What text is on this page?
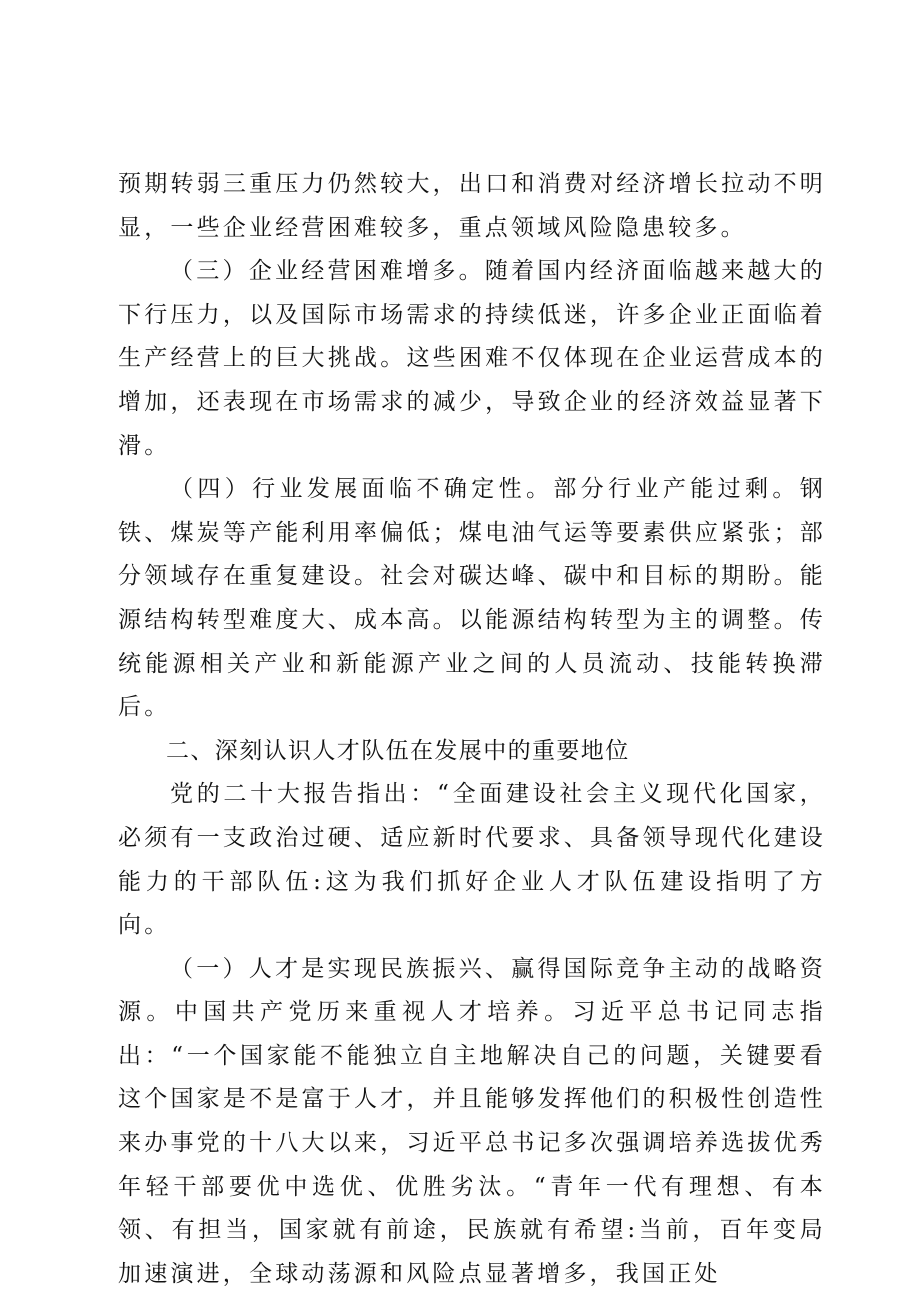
预期转弱三重压力仍然较大，出口和消费对经济增长拉动不明显，一些企业经营困难较多，重点领域风险隐患较多。

（三）企业经营困难增多。随着国内经济面临越来越大的下行压力，以及国际市场需求的持续低迷，许多企业正面临着生产经营上的巨大挑战。这些困难不仅体现在企业运营成本的增加，还表现在市场需求的减少，导致企业的经济效益显著下滑。

（四）行业发展面临不确定性。部分行业产能过剩。钢铁、煤炭等产能利用率偏低；煤电油气运等要素供应紧张；部分领域存在重复建设。社会对碳达峰、碳中和目标的期盼。能源结构转型难度大、成本高。以能源结构转型为主的调整。传统能源相关产业和新能源产业之间的人员流动、技能转换滞后。

二、深刻认识人才队伍在发展中的重要地位

党的二十大报告指出：“全面建设社会主义现代化国家，必须有一支政治过硬、适应新时代要求、具备领导现代化建设能力的干部队伍:这为我们抓好企业人才队伍建设指明了方向。

（一）人才是实现民族振兴、赢得国际竞争主动的战略资源。中国共产党历来重视人才培养。习近平总书记同志指出：“一个国家能不能独立自主地解决自己的问题，关键要看这个国家是不是富于人才，并且能够发挥他们的积极性创造性来办事党的十八大以来，习近平总书记多次强调培养选拔优秀年轻干部要优中选优、优胜劣汰。“青年一代有理想、有本领、有担当，国家就有前途，民族就有希望:当前，百年变局加速演进，全球动荡源和风险点显著增多，我国正处
